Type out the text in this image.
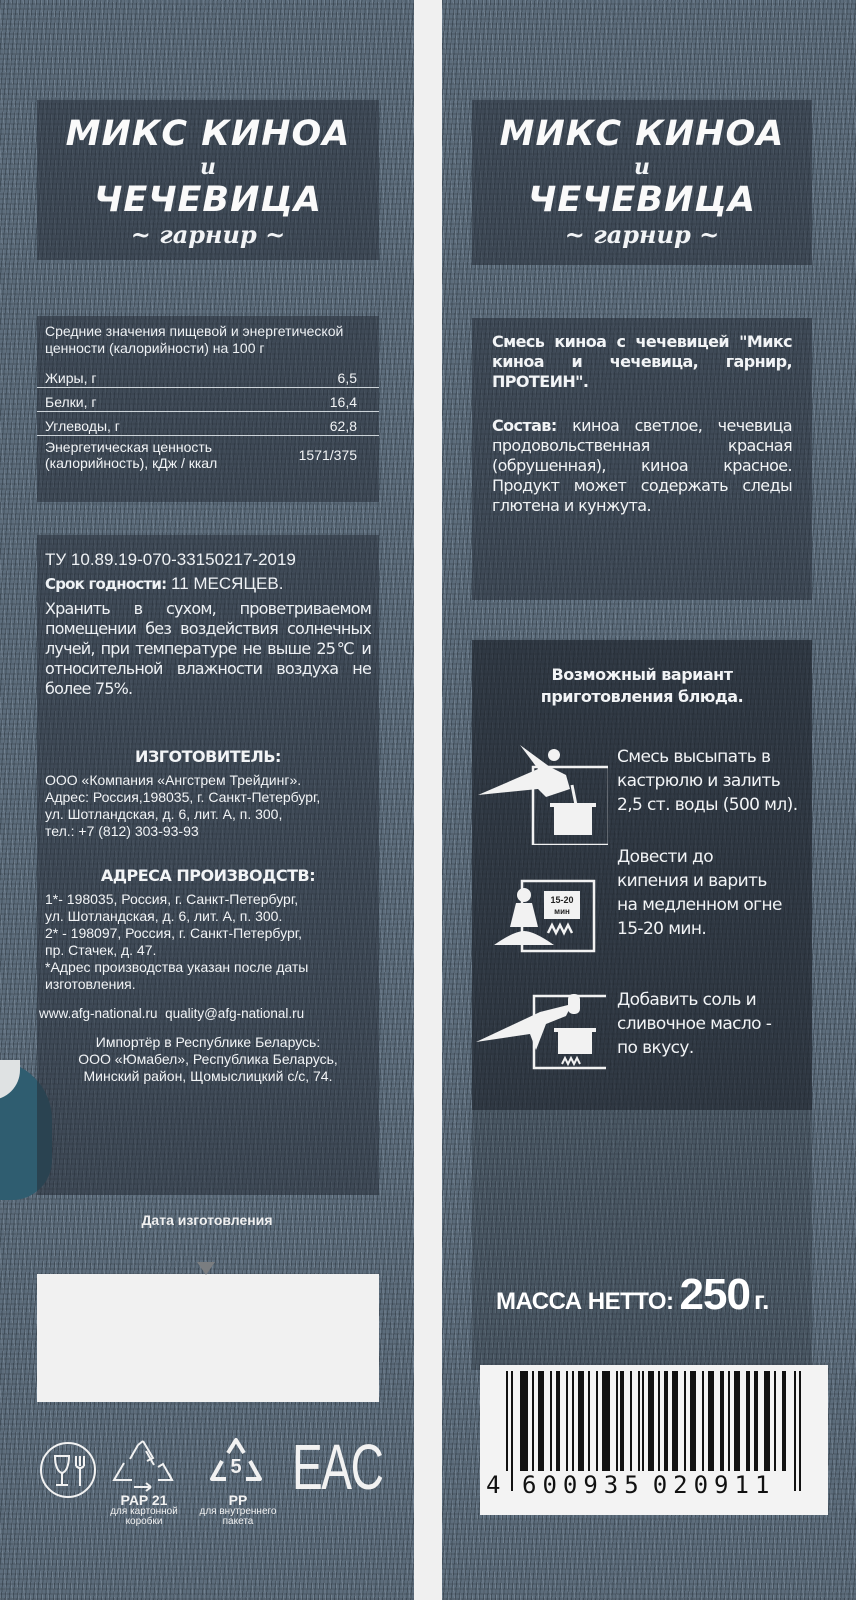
МИКС КИНОА
и
ЧЕЧЕВИЦА
~ гарнир ~
Средние значения пищевой и энергетической ценности (калорийности) на 100 г
Жиры, г	6,5
Белки, г	16,4
Углеводы, г	62,8
Энергетическая ценность (калорийность), кДж / ккал	1571/375
ТУ 10.89.19-070-33150217-2019
Срок годности: 11 МЕСЯЦЕВ.
Хранить в сухом, проветриваемом помещении без воздействия солнечных лучей, при температуре не выше 25℃ и относительной влажности воздуха не более 75%.
ИЗГОТОВИТЕЛЬ:
ООО «Компания «Ангстрем Трейдинг».
Адрес: Россия,198035, г. Санкт-Петербург,
ул. Шотландская, д. 6, лит. А, п. 300,
тел.: +7 (812) 303-93-93
АДРЕСА ПРОИЗВОДСТВ:
1*- 198035, Россия, г. Санкт-Петербург,
ул. Шотландская, д. 6, лит. А, п. 300.
2* - 198097, Россия, г. Санкт-Петербург,
пр. Стачек, д. 47.
*Адрес производства указан после даты изготовления.
www.afg-national.ru quality@afg-national.ru
Импортёр в Республике Беларусь:
ООО «Юмабел», Республика Беларусь,
Минский район, Щомыслицкий с/с, 74.
Дата изготовления
PAP 21
для картонной коробки
5
PP
для внутреннего пакета
EAC
МИКС КИНОА
и
ЧЕЧЕВИЦА
~ гарнир ~
Смесь киноа с чечевицей "Микс киноа и чечевица, гарнир, ПРОТЕИН".
Состав: киноа светлое, чечевица продовольственная красная (обрушенная), киноа красное. Продукт может содержать следы глютена и кунжута.
Возможный вариант
приготовления блюда.
Смесь высыпать в
кастрюлю и залить
2,5 ст. воды (500 мл).
15-20
мин
Довести до
кипения и варить
на медленном огне
15-20 мин.
Добавить соль и
сливочное масло -
по вкусу.
МАССА НЕТТО: 250 г.
4 600935 020911
